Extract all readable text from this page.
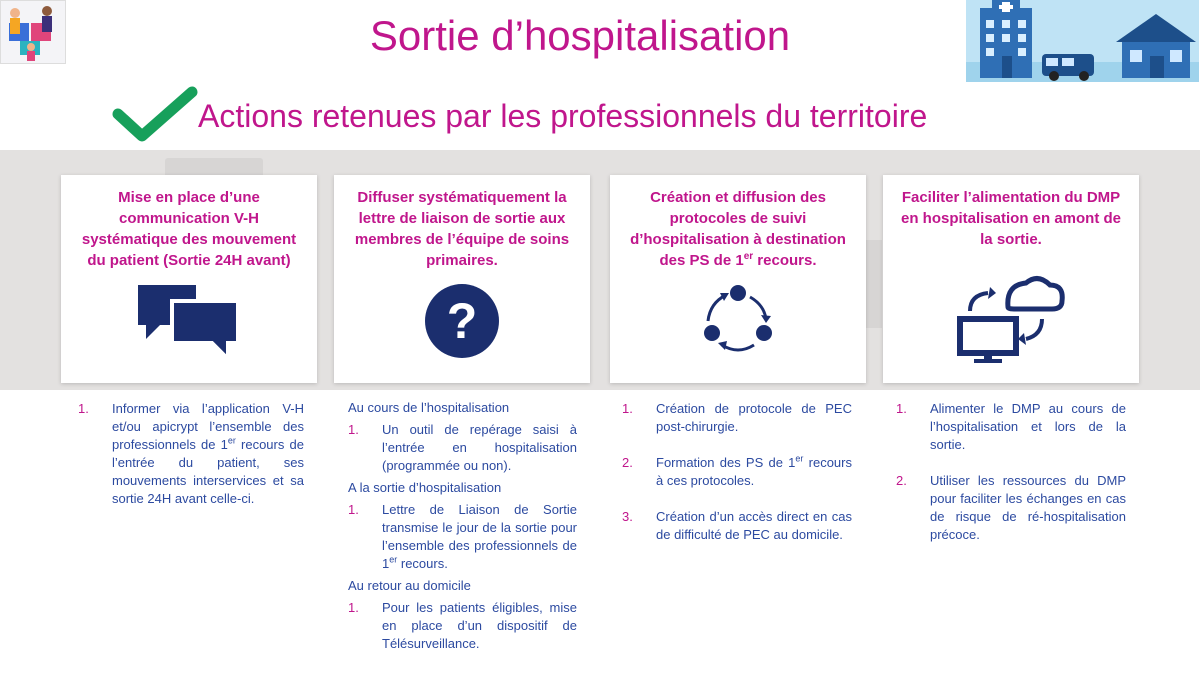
Sortie d’hospitalisation
Actions retenues par les professionnels du territoire
Mise en place d’une communication V-H systématique des mouvement du patient (Sortie 24H avant)
Diffuser systématiquement la lettre de liaison de sortie aux membres de l’équipe de soins primaires.
?
Création et diffusion des protocoles de suivi d’hospitalisation à destination des PS de 1er recours.
Faciliter l’alimentation du DMP en hospitalisation en amont de la sortie.
1.	Informer via l’application V-H et/ou apicrypt l’ensemble des professionnels de 1er recours de l’entrée du patient, ses mouvements interservices et sa sortie 24H avant celle-ci.
Au cours de l’hospitalisation
1.	Un outil de repérage saisi à l’entrée en hospitalisation (programmée ou non).
A la sortie d’hospitalisation
1.	Lettre de Liaison de Sortie transmise le jour de la sortie pour l’ensemble des professionnels de 1er recours.
Au retour au domicile
1.	Pour les patients éligibles, mise en place d’un dispositif de Télésurveillance.
1.	Création de protocole de PEC post-chirurgie.
2.	Formation des PS de 1er recours à ces protocoles.
3.	Création d’un accès direct en cas de difficulté de PEC au domicile.
1.	Alimenter le DMP au cours de l’hospitalisation et lors de la sortie.
2.	Utiliser les ressources du DMP pour faciliter les échanges en cas de risque de ré-hospitalisation précoce.
